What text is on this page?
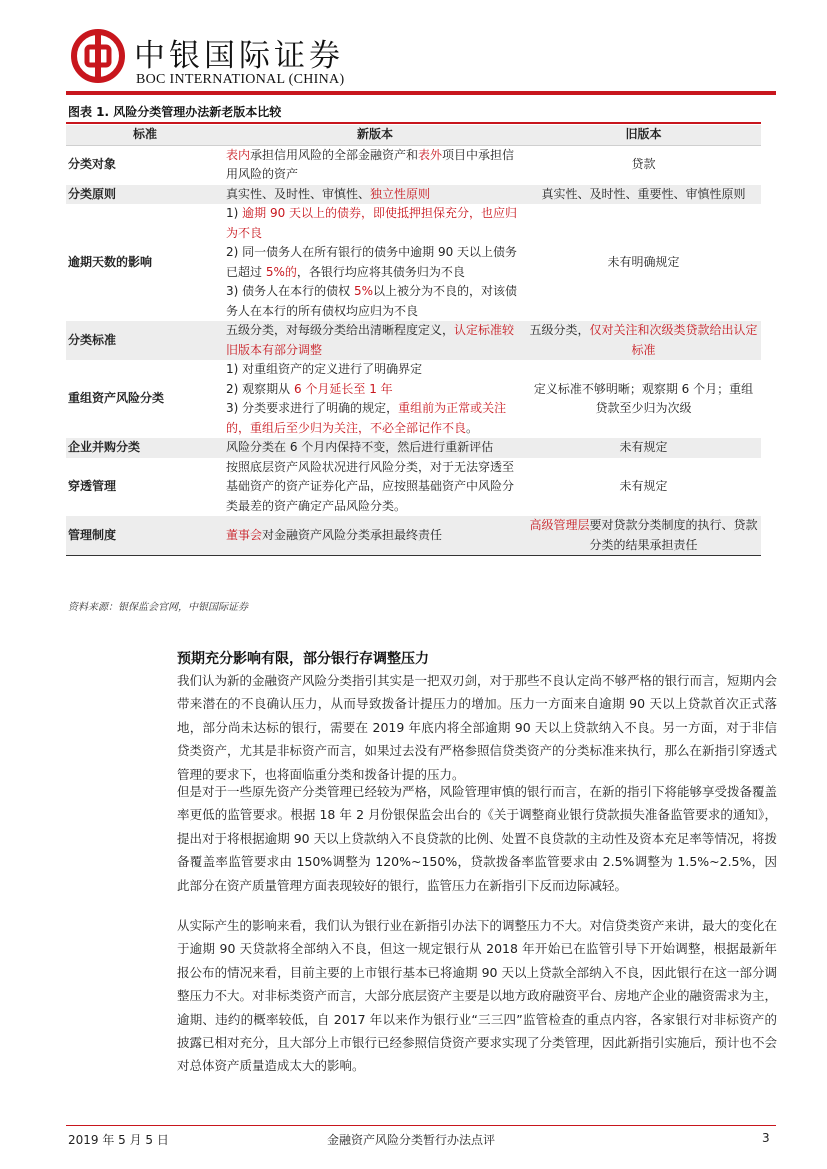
中银国际证券
BOC INTERNATIONAL (CHINA)
图表 1. 风险分类管理办法新老版本比较
标准	新版本	旧版本
分类对象	表内承担信用风险的全部金融资产和表外项目中承担信用风险的资产	贷款
分类原则	真实性、及时性、审慎性、独立性原则	真实性、及时性、重要性、审慎性原则
逾期天数的影响	1) 逾期 90 天以上的债券，即使抵押担保充分，也应归为不良
2) 同一债务人在所有银行的债务中逾期 90 天以上债务已超过 5%的，各银行均应将其债务归为不良
3) 债务人在本行的债权 5%以上被分为不良的，对该债务人在本行的所有债权均应归为不良	未有明确规定
分类标准	五级分类，对每级分类给出清晰程度定义，认定标准较旧版本有部分调整	五级分类，仅对关注和次级类贷款给出认定标准
重组资产风险分类	1) 对重组资产的定义进行了明确界定
2) 观察期从 6 个月延长至 1 年
3) 分类要求进行了明确的规定，重组前为正常或关注的，重组后至少归为关注，不必全部记作不良。	定义标准不够明晰；观察期 6 个月；重组贷款至少归为次级
企业并购分类	风险分类在 6 个月内保持不变，然后进行重新评估	未有规定
穿透管理	按照底层资产风险状况进行风险分类，对于无法穿透至基础资产的资产证券化产品，应按照基础资产中风险分类最差的资产确定产品风险分类。	未有规定
管理制度	董事会对金融资产风险分类承担最终责任	高级管理层要对贷款分类制度的执行、贷款分类的结果承担责任
资料来源：银保监会官网，中银国际证券
预期充分影响有限，部分银行存调整压力

我们认为新的金融资产风险分类指引其实是一把双刃剑，对于那些不良认定尚不够严格的银行而言，短期内会带来潜在的不良确认压力，从而导致拨备计提压力的增加。压力一方面来自逾期 90 天以上贷款首次正式落地，部分尚未达标的银行，需要在 2019 年底内将全部逾期 90 天以上贷款纳入不良。另一方面，对于非信贷类资产，尤其是非标资产而言，如果过去没有严格参照信贷类资产的分类标准来执行，那么在新指引穿透式管理的要求下，也将面临重分类和拨备计提的压力。

但是对于一些原先资产分类管理已经较为严格，风险管理审慎的银行而言，在新的指引下将能够享受拨备覆盖率更低的监管要求。根据 18 年 2 月份银保监会出台的《关于调整商业银行贷款损失准备监管要求的通知》，提出对于将根据逾期 90 天以上贷款纳入不良贷款的比例、处置不良贷款的主动性及资本充足率等情况，将拨备覆盖率监管要求由 150%调整为 120%~150%，贷款拨备率监管要求由 2.5%调整为 1.5%~2.5%，因此部分在资产质量管理方面表现较好的银行，监管压力在新指引下反而边际减轻。

从实际产生的影响来看，我们认为银行业在新指引办法下的调整压力不大。对信贷类资产来讲，最大的变化在于逾期 90 天贷款将全部纳入不良，但这一规定银行从 2018 年开始已在监管引导下开始调整，根据最新年报公布的情况来看，目前主要的上市银行基本已将逾期 90 天以上贷款全部纳入不良，因此银行在这一部分调整压力不大。对非标类资产而言，大部分底层资产主要是以地方政府融资平台、房地产企业的融资需求为主，逾期、违约的概率较低，自 2017 年以来作为银行业“三三四”监管检查的重点内容，各家银行对非标资产的披露已相对充分，且大部分上市银行已经参照信贷资产要求实现了分类管理，因此新指引实施后，预计也不会对总体资产质量造成太大的影响。

2019 年 5 月 5 日	金融资产风险分类暂行办法点评	3
